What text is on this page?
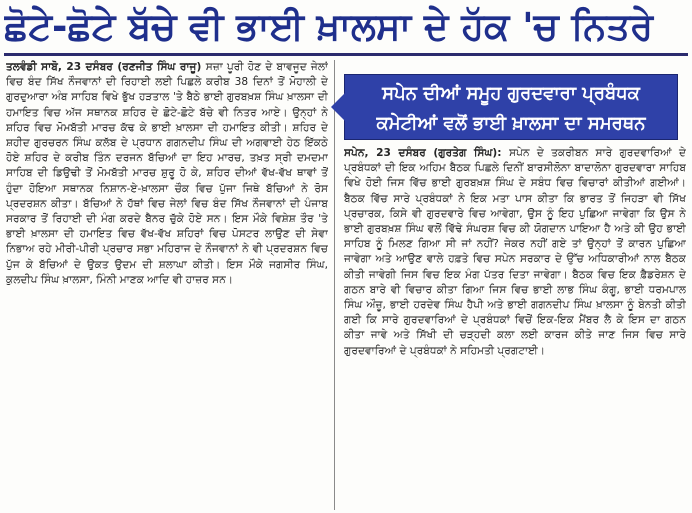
ਛੋਟੇ-ਛੋਟੇ ਬੱਚੇ ਵੀ ਭਾਈ ਖ਼ਾਲਸਾ ਦੇ ਹੱਕ 'ਚ ਨਿਤਰੇ
ਤਲਵੰਡੀ ਸਾਬੋ, 23 ਦਸੰਬਰ (ਰਣਜੀਤ ਸਿੰਘ ਰਾਜੂ) ਸਜ਼ਾ ਪੂਰੀ ਹੋਣ ਦੇ ਬਾਵਜੂਦ ਜੇਲਾਂ ਵਿਚ ਬੰਦ ਸਿੱਖ ਨੌਜਵਾਨਾਂ ਦੀ ਰਿਹਾਈ ਲਈ ਪਿਛਲੇ ਕਰੀਬ 38 ਦਿਨਾਂ ਤੋਂ ਮੋਹਾਲੀ ਦੇ ਗੁਰਦੁਆਰਾ ਅੰਬ ਸਾਹਿਬ ਵਿਖੇ ਭੁੱਖ ਹੜਤਾਲ 'ਤੇ ਬੈਠੇ ਭਾਈ ਗੁਰਬਖ਼ਸ਼ ਸਿੰਘ ਖ਼ਾਲਸਾ ਦੀ ਹਮਾਇਤ ਵਿਚ ਅੱਜ ਸਥਾਨਕ ਸ਼ਹਿਰ ਦੇ ਛੋਟੇ-ਛੋਟੇ ਬੱਚੇ ਵੀ ਨਿਤਰ ਆਏ। ਉਨ੍ਹਾਂ ਨੇ ਸ਼ਹਿਰ ਵਿਚ ਮੋਮਬੱਤੀ ਮਾਰਚ ਕੱਢ ਕੇ ਭਾਈ ਖ਼ਾਲਸਾ ਦੀ ਹਮਾਇਤ ਕੀਤੀ। ਸ਼ਹਿਰ ਦੇ ਸ਼ਹੀਦ ਗੁਰਚਰਨ ਸਿੰਘ ਕਲੱਬ ਦੇ ਪ੍ਰਧਾਨ ਗਗਨਦੀਪ ਸਿੰਘ ਦੀ ਅਗਵਾਈ ਹੇਠ ਇੱਕਠੇ ਹੋਏ ਸ਼ਹਿਰ ਦੇ ਕਰੀਬ ਤਿੰਨ ਦਰਜਨ ਬੱਚਿਆਂ ਦਾ ਇਹ ਮਾਰਚ, ਤਖ਼ਤ ਸ੍ਰੀ ਦਮਦਮਾ ਸਾਹਿਬ ਦੀ ਡਿਉਢੀ ਤੋਂ ਮੋਮਬੱਤੀ ਮਾਰਚ ਸ਼ੁਰੂ ਹੋ ਕੇ, ਸ਼ਹਿਰ ਦੀਆਂ ਵੱਖ-ਵੱਖ ਥਾਵਾਂ ਤੋਂ ਹੁੰਦਾ ਹੋਇਆ ਸਥਾਨਕ ਨਿਸ਼ਾਨ-ਏ-ਖ਼ਾਲਸਾ ਚੌਕ ਵਿਚ ਪੁੱਜਾ ਜਿਥੇ ਬੱਚਿਆਂ ਨੇ ਰੋਸ ਪ੍ਰਦਰਸ਼ਨ ਕੀਤਾ। ਬੱਚਿਆਂ ਨੇ ਹੱਥਾਂ ਵਿਚ ਜੇਲਾਂ ਵਿਚ ਬੰਦ ਸਿੱਖ ਨੌਜਵਾਨਾਂ ਦੀ ਪੰਜਾਬ ਸਰਕਾਰ ਤੋਂ ਰਿਹਾਈ ਦੀ ਮੰਗ ਕਰਦੇ ਬੈਨਰ ਚੁੱਕੇ ਹੋਏ ਸਨ। ਇਸ ਮੌਕੇ ਵਿਸ਼ੇਸ਼ ਤੌਰ 'ਤੇ ਭਾਈ ਖ਼ਾਲਸਾ ਦੀ ਹਮਾਇਤ ਵਿਚ ਵੱਖ-ਵੱਖ ਸ਼ਹਿਰਾਂ ਵਿਚ ਪੋਸਟਰ ਲਾਉਣ ਦੀ ਸੇਵਾ ਨਿਭਾਅ ਰਹੇ ਮੀਰੀ-ਪੀਰੀ ਪ੍ਰਚਾਰ ਸਭਾ ਮਹਿਰਾਜ ਦੇ ਨੌਜਵਾਨਾਂ ਨੇ ਵੀ ਪ੍ਰਦਰਸ਼ਨ ਵਿਚ ਪੁੱਜ ਕੇ ਬੱਚਿਆਂ ਦੇ ਉਕਤ ਉਦਮ ਦੀ ਸ਼ਲਾਘਾ ਕੀਤੀ। ਇਸ ਮੌਕੇ ਜਗਸੀਰ ਸਿੰਘ, ਕੁਲਦੀਪ ਸਿੰਘ ਖ਼ਾਲਸਾ, ਮਿੰਨੀ ਮਾਣਕ ਆਦਿ ਵੀ ਹਾਜ਼ਰ ਸਨ।
ਸਪੇਨ ਦੀਆਂ ਸਮੂਹ ਗੁਰਦਵਾਰਾ ਪ੍ਰਬੰਧਕ
ਕਮੇਟੀਆਂ ਵਲੋਂ ਭਾਈ ਖ਼ਾਲਸਾ ਦਾ ਸਮਰਥਨ
ਸਪੇਨ, 23 ਦਸੰਬਰ (ਗੁਰਤੇਗ ਸਿੰਘ): ਸਪੇਨ ਦੇ ਤਕਰੀਬਨ ਸਾਰੇ ਗੁਰਦਵਾਰਿਆਂ ਦੇ ਪ੍ਰਬੰਧਕਾਂ ਦੀ ਇਕ ਅਹਿਮ ਬੈਠਕ ਪਿਛਲੇ ਦਿਨੀਂ ਬਾਰਸੀਲੋਨਾ ਬਾਦਾਲੋਨਾ ਗੁਰਦਵਾਰਾ ਸਾਹਿਬ ਵਿਖੇ ਹੋਈ ਜਿਸ ਵਿੱਚ ਭਾਈ ਗੁਰਬਖ਼ਸ਼ ਸਿੰਘ ਦੇ ਸਬੰਧ ਵਿਚ ਵਿਚਾਰਾਂ ਕੀਤੀਆਂ ਗਈਆਂ। ਬੈਠਕ ਵਿੱਚ ਸਾਰੇ ਪ੍ਰਬੰਧਕਾਂ ਨੇ ਇਕ ਮਤਾ ਪਾਸ ਕੀਤਾ ਕਿ ਭਾਰਤ ਤੋਂ ਜਿਹੜਾ ਵੀ ਸਿੱਖ ਪ੍ਰਚਾਰਕ, ਕਿਸੇ ਵੀ ਗੁਰਦਵਾਰੇ ਵਿਚ ਆਵੇਗਾ, ਉਸ ਨੂੰ ਇਹ ਪੁਛਿਆ ਜਾਵੇਗਾ ਕਿ ਉਸ ਨੇ ਭਾਈ ਗੁਰਬਖ਼ਸ਼ ਸਿੰਘ ਵਲੋਂ ਵਿੱਢੇ ਸੰਘਰਸ਼ ਵਿਚ ਕੀ ਯੋਗਦਾਨ ਪਾਇਆ ਹੈ ਅਤੇ ਕੀ ਉਹ ਭਾਈ ਸਾਹਿਬ ਨੂੰ ਮਿਲਣ ਗਿਆ ਸੀ ਜਾਂ ਨਹੀਂ? ਜੇਕਰ ਨਹੀਂ ਗਏ ਤਾਂ ਉਨ੍ਹਾਂ ਤੋਂ ਕਾਰਨ ਪੁਛਿਆ ਜਾਵੇਗਾ ਅਤੇ ਆਉਣ ਵਾਲੇ ਹਫ਼ਤੇ ਵਿਚ ਸਪੇਨ ਸਰਕਾਰ ਦੇ ਉੱਚ ਅਧਿਕਾਰੀਆਂ ਨਾਲ ਬੈਠਕ ਕੀਤੀ ਜਾਵੇਗੀ ਜਿਸ ਵਿਚ ਇਕ ਮੰਗ ਪੱਤਰ ਦਿਤਾ ਜਾਵੇਗਾ। ਬੈਠਕ ਵਿਚ ਇਕ ਫ਼ੈਡਰੇਸ਼ਨ ਦੇ ਗਠਨ ਬਾਰੇ ਵੀ ਵਿਚਾਰ ਕੀਤਾ ਗਿਆ ਜਿਸ ਵਿਚ ਭਾਈ ਲਾਭ ਸਿੰਘ ਕੰਗੂ, ਭਾਈ ਧਰਮਪਾਲ ਸਿੰਘ ਔਜ਼ੂ, ਭਾਈ ਹਰਦੇਵ ਸਿੰਘ ਹੈਪੀ ਅਤੇ ਭਾਈ ਗਗਨਦੀਪ ਸਿੰਘ ਖ਼ਾਲਸਾ ਨੂੰ ਬੇਨਤੀ ਕੀਤੀ ਗਈ ਕਿ ਸਾਰੇ ਗੁਰਦਵਾਰਿਆਂ ਦੇ ਪ੍ਰਬੰਧਕਾਂ ਵਿਚੋਂ ਇਕ-ਇਕ ਮੈਂਬਰ ਲੈ ਕੇ ਇਸ ਦਾ ਗਠਨ ਕੀਤਾ ਜਾਵੇ ਅਤੇ ਸਿੱਖੀ ਦੀ ਚੜ੍ਹਦੀ ਕਲਾ ਲਈ ਕਾਰਜ ਕੀਤੇ ਜਾਣ ਜਿਸ ਵਿਚ ਸਾਰੇ ਗੁਰਦਵਾਰਿਆਂ ਦੇ ਪ੍ਰਬੰਧਕਾਂ ਨੇ ਸਹਿਮਤੀ ਪ੍ਰਗਟਾਈ।
